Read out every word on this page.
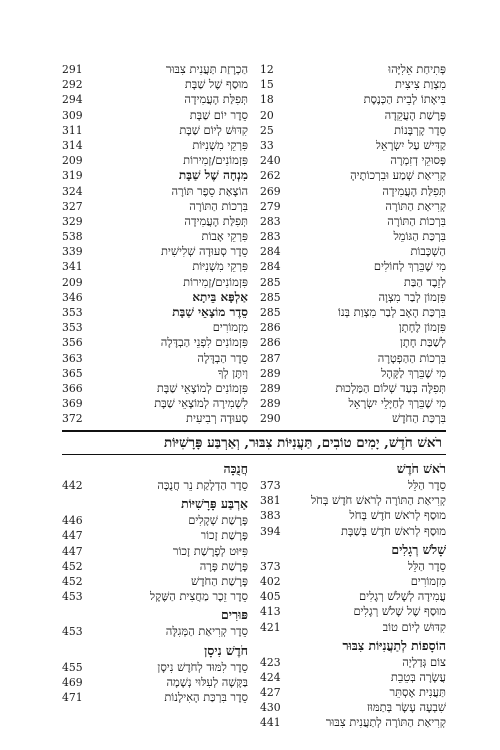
פְּתִיחַת אֵלִיָּהוּ
12
מִצְוַת צִיצִית
15
בִּיאָתוֹ לְבֵית הַכְּנֶסֶת
18
פָּרָשַׁת הָעֲקֵדָה
20
סֵדֶר קָרְבָּנוֹת
25
קַדִּישׁ עַל יִשְׂרָאֵל
33
פְּסוּקֵי דְזִמְרָה
240
קְרִיאַת שְׁמַע וּבִרְכוֹתֶיהָ
262
תְּפִלַּת הָעֲמִידָה
269
קְרִיאַת הַתּוֹרָה
279
בִּרְכוֹת הַתּוֹרָה
283
בִּרְכַּת הַגּוֹמֵל
283
הַשְׁכָּבוֹת
284
מִי שֶׁבֵּרַךְ לְחוֹלִים
284
לְזֵבֶד הַבַּת
285
פִּזְמוֹן לְבַר מִצְוָה
285
בִּרְכַּת הָאָב לְבַר מִצְוַת בְּנוֹ
285
פִּזְמוֹן לֶחָתָן
286
לְשַׁבַּת חָתָן
286
בִּרְכוֹת הַהַפְטָרָה
287
מִי שֶׁבֵּרַךְ לַקָּהָל
289
תְּפִלָּה בְּעַד שְׁלוֹם הַמַּלְכוּת
289
מִי שֶׁבֵּרַךְ לְחַיָּלֵי יִשְׂרָאֵל
289
בִּרְכַּת הַחֹדֶשׁ
290
הַכְרָזַת תַּעֲנִית צִבּוּר
291
מוּסַף שֶׁל שַׁבָּת
292
תְּפִלַּת הָעֲמִידָה
294
סֵדֶר יוֹם שַׁבָּת
309
קִדּוּשׁ לְיוֹם שַׁבָּת
311
פִּרְקֵי מִשְׁנִיּוֹת
314
פִּזְמוֹנִים/זְמִירוֹת
209
מִנְחָה שֶׁל שַׁבָּת
319
הוֹצָאַת סֵפֶר תּוֹרָה
324
בִּרְכוֹת הַתּוֹרָה
327
תְּפִלַּת הָעֲמִידָה
329
פִּרְקֵי אָבוֹת
538
סֵדֶר סְעוּדָה שְׁלִישִׁית
339
פִּרְקֵי מִשְׁנִיּוֹת
341
פִּזְמוֹנִים/זְמִירוֹת
209
אַלְפָּא בֵּיתָא
346
סֵדֶר מוֹצָאֵי שַׁבָּת
353
מִזְמוֹרִים
353
פִּזְמוֹנִים לִפְנֵי הַבְדָּלָה
356
סֵדֶר הַבְדָּלָה
363
וְיִתֶּן לְךָ
365
פִּזְמוֹנִים לְמוֹצָאֵי שַׁבָּת
366
לִשְׁמִירָה לְמוֹצָאֵי שַׁבָּת
369
סְעוּדָה רְבִיעִית
372
רֹאשׁ חֹדֶשׁ, יָמִים טוֹבִים, תַּעֲנִיּוֹת צִבּוּר, וְאַרְבַּע פָּרָשִׁיּוֹת
רֹאשׁ חֹדֶשׁ
סֵדֶר הַלֵּל
373
קְרִיאַת הַתּוֹרָה לְרֹאשׁ חֹדֶשׁ בְּחֹל
381
מוּסַף לְרֹאשׁ חֹדֶשׁ בְּחֹל
383
מוּסַף לְרֹאשׁ חֹדֶשׁ בְּשַׁבָּת
394
שָׁלֹשׁ רְגָלִים
סֵדֶר הַלֵּל
373
מִזְמוֹרִים
402
עֲמִידָה לְשָׁלֹשׁ רְגָלִים
405
מוּסַף שֶׁל שָׁלֹשׁ רְגָלִים
413
קִדּוּשׁ לְיוֹם טוֹב
421
הוֹסָפוֹת לְתַעֲנִיּוֹת צִבּוּר
צוֹם גְּדַלְיָה
423
עֲשָׂרָה בְּטֵבֵת
424
תַּעֲנִית אֶסְתֵּר
427
שִׁבְעָה עָשָׂר בְּתַמּוּז
430
קְרִיאַת הַתּוֹרָה לְתַעֲנִית צִבּוּר
441
חֲנֻכָּה
סֵדֶר הַדְלָקַת נֵר חֲנֻכָּה
442
אַרְבַּע פָּרָשִׁיּוֹת
פָּרָשַׁת שְׁקָלִים
446
פָּרָשַׁת זָכוֹר
447
פִּיּוּט לְפָרָשַׁת זָכוֹר
447
פָּרָשַׁת פָּרָה
452
פָּרָשַׁת הַחֹדֶשׁ
452
סֵדֶר זֵכֶר מַחֲצִית הַשֶּׁקֶל
453
פּוּרִים
סֵדֶר קְרִיאַת הַמְּגִלָּה
453
חֹדֶשׁ נִיסָן
סֵדֶר לִמּוּד לְחֹדֶשׁ נִיסָן
455
בַּקָּשָׁה לְעִלּוּי נְשָׁמָה
469
סֵדֶר בִּרְכַּת הָאִילָנוֹת
471
